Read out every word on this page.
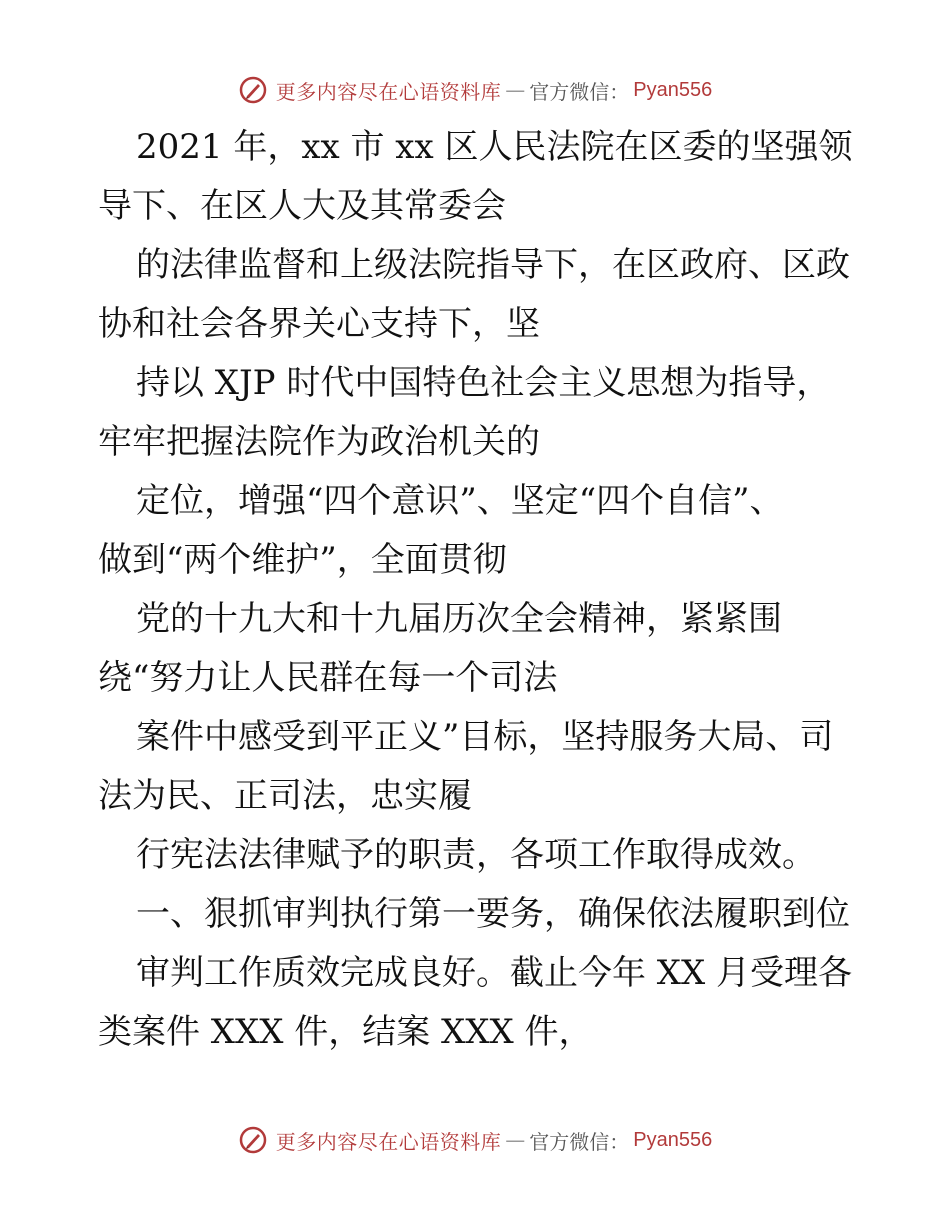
更多内容尽在心语资料库 — 官方微信： Pyan556
2021 年，xx 市 xx 区人民法院在区委的坚强领
导下、在区人大及其常委会
的法律监督和上级法院指导下，在区政府、区政
协和社会各界关心支持下，坚
持以 XJP 时代中国特色社会主义思想为指导，
牢牢把握法院作为政治机关的
定位，增强“四个意识”、坚定“四个自信”、
做到“两个维护”，全面贯彻
党的十九大和十九届历次全会精神，紧紧围
绕“努力让人民群在每一个司法
案件中感受到平正义”目标，坚持服务大局、司
法为民、正司法，忠实履
行宪法法律赋予的职责，各项工作取得成效。
一、狠抓审判执行第一要务，确保依法履职到位
审判工作质效完成良好。截止今年 XX 月受理各
类案件 XXX 件，结案 XXX 件，
更多内容尽在心语资料库 — 官方微信： Pyan556
